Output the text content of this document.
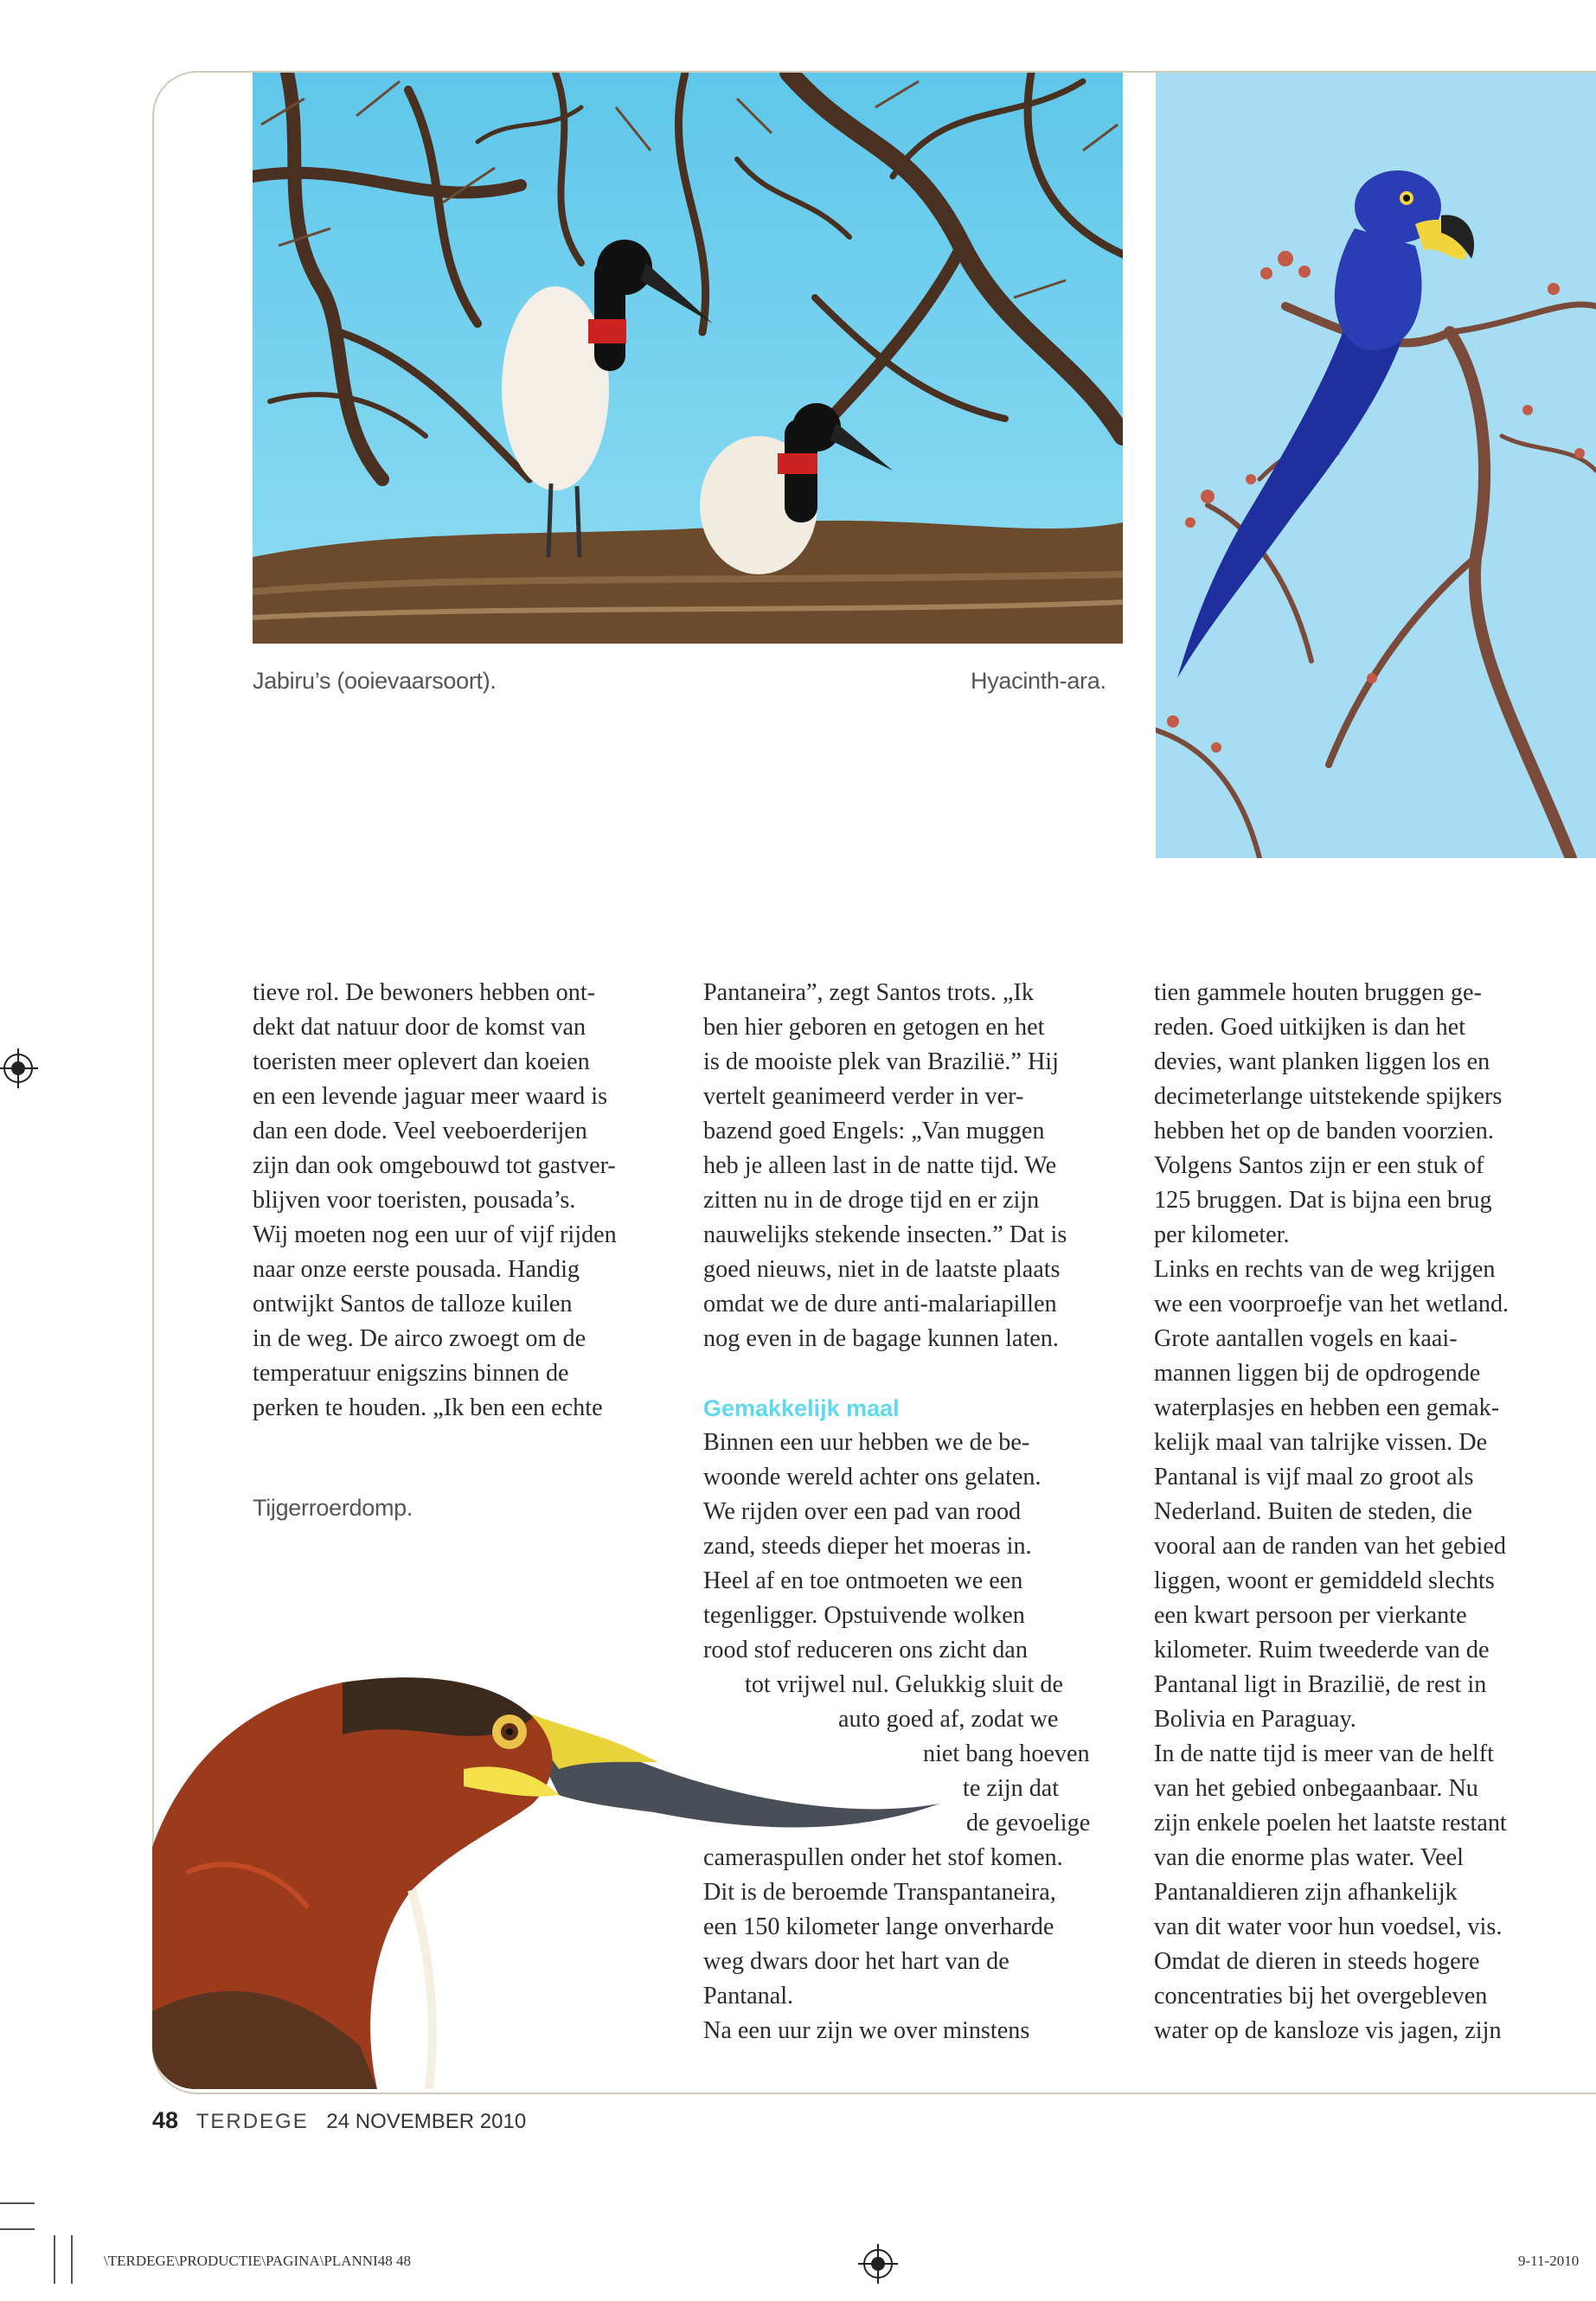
Jabiru’s (ooievaarsoort).	Hyacinth-ara.
Tijgerroerdomp.

tieve rol. De bewoners hebben ont-

dekt dat natuur door de komst van

toeristen meer oplevert dan koeien

en een levende jaguar meer waard is

dan een dode. Veel veeboerderijen

zijn dan ook omgebouwd tot gastver-

blijven voor toeristen, pousada’s.

Wij moeten nog een uur of vijf rijden

naar onze eerste pousada. Handig

ontwijkt Santos de talloze kuilen

in de weg. De airco zwoegt om de

temperatuur enigszins binnen de

perken te houden. „Ik ben een echte

Pantaneira”, zegt Santos trots. „Ik

ben hier geboren en getogen en het

is de mooiste plek van Brazilië.” Hij

vertelt geanimeerd verder in ver-

bazend goed Engels: „Van muggen

heb je alleen last in de natte tijd. We

zitten nu in de droge tijd en er zijn

nauwelijks stekende insecten.” Dat is

goed nieuws, niet in de laatste plaats

omdat we de dure anti-malariapillen

nog even in de bagage kunnen laten.

Gemakkelijk maal

Binnen een uur hebben we de be-

woonde wereld achter ons gelaten.

We rijden over een pad van rood

zand, steeds dieper het moeras in.

Heel af en toe ontmoeten we een

tegenligger. Opstuivende wolken

rood stof reduceren ons zicht dan

tot vrijwel nul. Gelukkig sluit de

auto goed af, zodat we

niet bang hoeven

te zijn dat

de gevoelige

cameraspullen onder het stof komen.

Dit is de beroemde Transpantaneira,

een 150 kilometer lange onverharde

weg dwars door het hart van de

Pantanal.

Na een uur zijn we over minstens

tien gammele houten bruggen ge-

reden. Goed uitkijken is dan het

devies, want planken liggen los en

decimeterlange uitstekende spijkers

hebben het op de banden voorzien.

Volgens Santos zijn er een stuk of

125 bruggen. Dat is bijna een brug

per kilometer.

Links en rechts van de weg krijgen

we een voorproefje van het wetland.

Grote aantallen vogels en kaai-

mannen liggen bij de opdrogende

waterplasjes en hebben een gemak-

kelijk maal van talrijke vissen. De

Pantanal is vijf maal zo groot als

Nederland. Buiten de steden, die

vooral aan de randen van het gebied

liggen, woont er gemiddeld slechts

een kwart persoon per vierkante

kilometer. Ruim tweederde van de

Pantanal ligt in Brazilië, de rest in

Bolivia en Paraguay.

In de natte tijd is meer van de helft

van het gebied onbegaanbaar. Nu

zijn enkele poelen het laatste restant

van die enorme plas water. Veel

Pantanaldieren zijn afhankelijk

van dit water voor hun voedsel, vis.

Omdat de dieren in steeds hogere

concentraties bij het overgebleven

water op de kansloze vis jagen, zijn

48 TERDEGE 24 NOVEMBER 2010
\TERDEGE\PRODUCTIE\PAGINA\PLANNI48 48	9-11-2010
